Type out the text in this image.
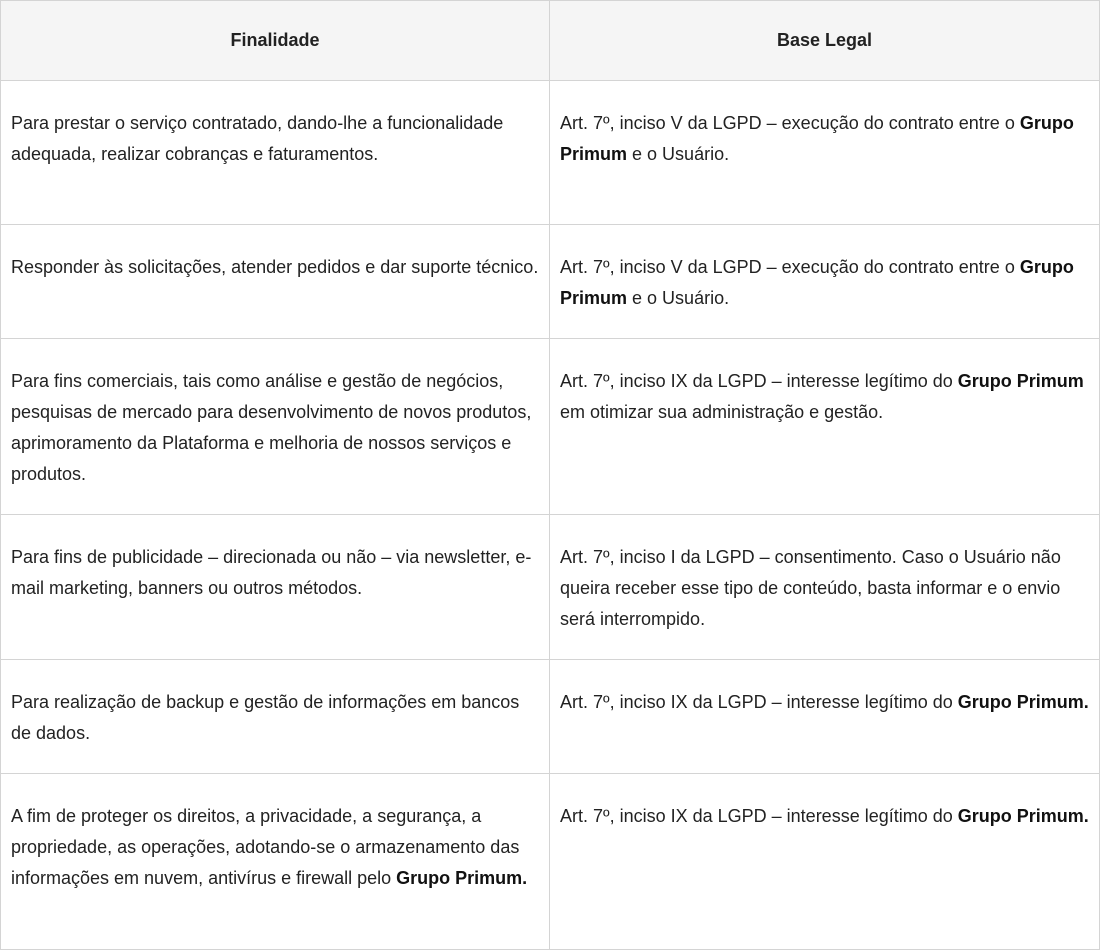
Finalidade	Base Legal
Para prestar o serviço contratado, dando-lhe a funcionalidade adequada, realizar cobranças e faturamentos.	Art. 7º, inciso V da LGPD – execução do contrato entre o Grupo Primum e o Usuário.
Responder às solicitações, atender pedidos e dar suporte técnico.	Art. 7º, inciso V da LGPD – execução do contrato entre o Grupo Primum e o Usuário.
Para fins comerciais, tais como análise e gestão de negócios, pesquisas de mercado para desenvolvimento de novos produtos, aprimoramento da Plataforma e melhoria de nossos serviços e produtos.	Art. 7º, inciso IX da LGPD – interesse legítimo do Grupo Primum em otimizar sua administração e gestão.
Para fins de publicidade – direcionada ou não – via newsletter, e-mail marketing, banners ou outros métodos.	Art. 7º, inciso I da LGPD – consentimento. Caso o Usuário não queira receber esse tipo de conteúdo, basta informar e o envio será interrompido.
Para realização de backup e gestão de informações em bancos de dados.	Art. 7º, inciso IX da LGPD – interesse legítimo do Grupo Primum.
A fim de proteger os direitos, a privacidade, a segurança, a propriedade, as operações, adotando-se o armazenamento das informações em nuvem, antivírus e firewall pelo Grupo Primum.	Art. 7º, inciso IX da LGPD – interesse legítimo do Grupo Primum.
